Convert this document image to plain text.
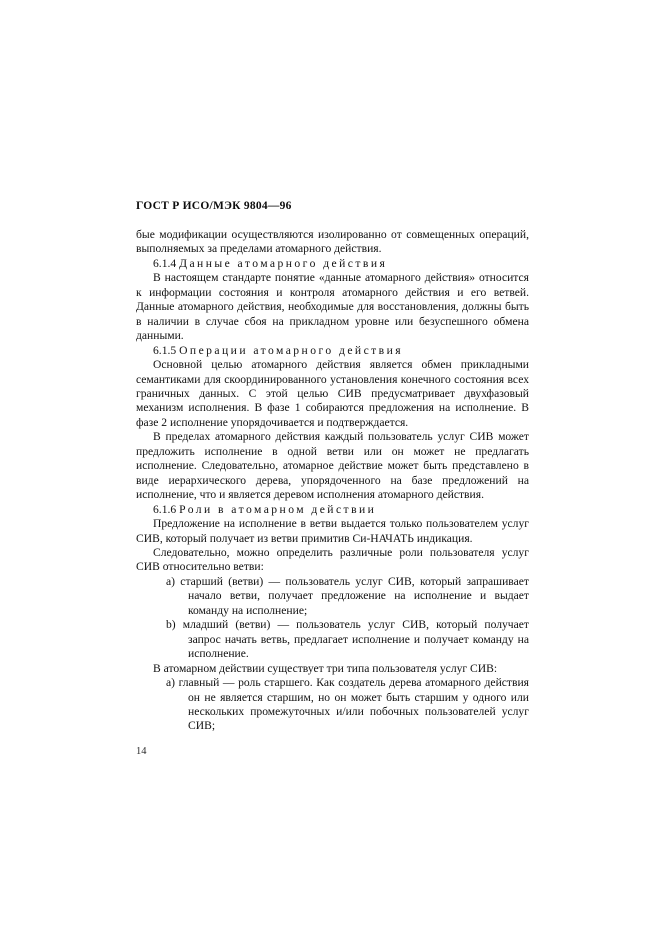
ГОСТ Р ИСО/МЭК 9804—96

бые модификации осуществляются изолированно от совмещенных операций, выполняемых за пределами атомарного действия.

6.1.4 Данные атомарного действия

В настоящем стандарте понятие «данные атомарного действия» относится к информации состояния и контроля атомарного действия и его ветвей. Данные атомарного действия, необходимые для восстановления, должны быть в наличии в случае сбоя на прикладном уровне или безуспешного обмена данными.

6.1.5 Операции атомарного действия

Основной целью атомарного действия является обмен прикладными семантиками для скоординированного установления конечного состояния всех граничных данных. С этой целью СИВ предусматривает двухфазовый механизм исполнения. В фазе 1 собираются предложения на исполнение. В фазе 2 исполнение упорядочивается и подтверждается.

В пределах атомарного действия каждый пользователь услуг СИВ может предложить исполнение в одной ветви или он может не предлагать исполнение. Следовательно, атомарное действие может быть представлено в виде иерархического дерева, упорядоченного на базе предложений на исполнение, что и является деревом исполнения атомарного действия.

6.1.6 Роли в атомарном действии

Предложение на исполнение в ветви выдается только пользователем услуг СИВ, который получает из ветви примитив Си-НАЧАТЬ индикация.

Следовательно, можно определить различные роли пользователя услуг СИВ относительно ветви:

a) старший (ветви) — пользователь услуг СИВ, который запрашивает начало ветви, получает предложение на исполнение и выдает команду на исполнение;
b) младший (ветви) — пользователь услуг СИВ, который получает запрос начать ветвь, предлагает исполнение и получает команду на исполнение.

В атомарном действии существует три типа пользователя услуг СИВ:

a) главный — роль старшего. Как создатель дерева атомарного действия он не является старшим, но он может быть старшим у одного или нескольких промежуточных и/или побочных пользователей услуг СИВ;
14
